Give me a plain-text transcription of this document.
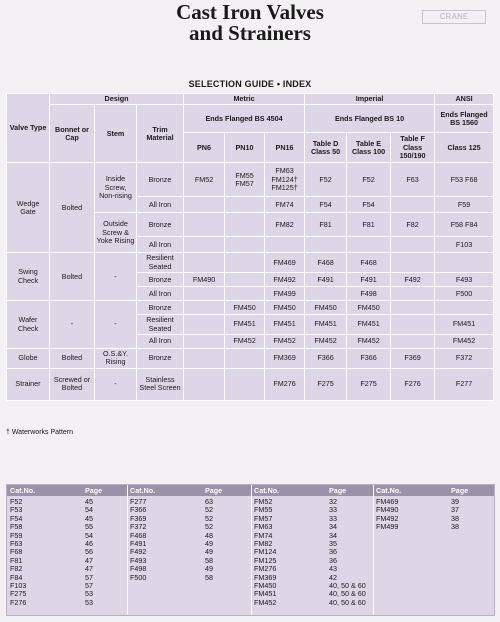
Cast Iron Valves
and Strainers
CRANE
SELECTION GUIDE • INDEX
Valve Type	Design			Metric			Imperial			ANSI
	Bonnet or Cap	Stem	Trim Material	Ends Flanged BS 4504			Ends Flanged BS 10			Ends Flanged BS 1560
				PN6	PN10	PN16	Table D Class 50	Table E Class 100	Table F Class 150/190	Class 125
Wedge Gate	Bolted	Inside Screw, Non-rising	Bronze	FM52	FM55 FM57	FM63 FM124† FM125†	F52	F52	F63	F53 F68
			All Iron			FM74	F54	F54		F59
		Outside Screw & Yoke Rising	Bronze			FM82	F81	F81	F82	F58 F84
			All Iron							F103
Swing Check	Bolted	-	Resilient Seated			FM469	F468	F468		
			Bronze	FM490		FM492	F491	F491	F492	F493
			All Iron			FM499		F498		F500
Wafer Check	-	-	Bronze		FM450	FM450	FM450	FM450		
			Resilient Seated		FM451	FM451	FM451	FM451		FM451
			All Iron		FM452	FM452	FM452	FM452		FM452
Globe	Bolted	O.S.&Y. Rising	Bronze			FM369	F366	F366	F369	F372
Strainer	Screwed or Bolted	-	Stainless Steel Screen			FM276	F275	F275	F276	F277
† Waterworks Pattern
Cat.No.	Page
F52	45
F53	54
F54	45
F58	55
F59	54
F63	46
F68	56
F81	47
F82	47
F84	57
F103	57
F275	53
F276	53
Cat.No.	Page
F277	63
F366	52
F369	52
F372	52
F468	48
F491	49
F492	49
F493	58
F498	49
F500	58
Cat.No.	Page
FM52	32
FM55	33
FM57	33
FM63	34
FM74	34
FM82	35
FM124	36
FM125	36
FM276	43
FM369	42
FM450	40, 50 & 60
FM451	40, 50 & 60
FM452	40, 50 & 60
Cat.No.	Page
FM469	39
FM490	37
FM492	38
FM499	38
